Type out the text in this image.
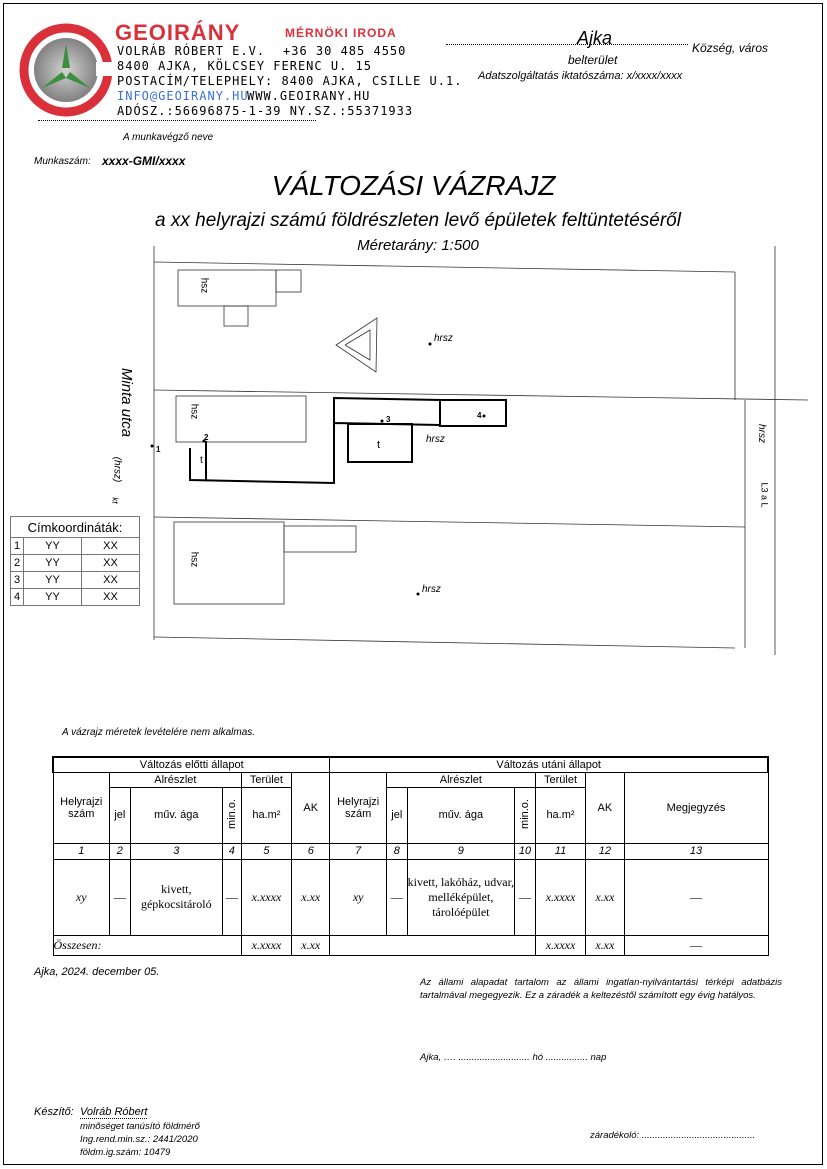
GEOIRÁNY	MÉRNÖKI IRODA
VOLRÁB RÓBERT E.V. +36 30 485 4550
8400 AJKA, KÖLCSEY FERENC U. 15
POSTACÍM/TELEPHELY: 8400 AJKA, CSILLE U.1.
INFO@GEOIRANY.HU
WWW.GEOIRANY.HU
ADÓSZ.:56696875-1-39 NY.SZ.:55371933
A munkavégző neve
Ajka	Község, város
belterület
Adatszolgáltatás iktatószáma: x/xxxx/xxxx
Munkaszám: xxxx-GMI/xxxx
VÁLTOZÁSI VÁZRAJZ
a xx helyrajzi számú földrészleten levő épületek feltüntetéséről
Méretarány: 1:500
hsz
hsz
hsz
hrsz
hrsz
hrsz
hrsz
L3 a L
Minta utca
(hrsz)
kt
t
t
1
2
3	4
Címkoordináták:		
1	YY	XX
2	YY	XX
3	YY	XX
4	YY	XX
A vázrajz méretek levételére nem alkalmas.
Változás előtti állapot						Változás utáni állapot						
Helyrajzi szám	Alrészlet			Terület	AK	Helyrajzi szám	Alrészlet			Terület	AK	Megjegyzés
	jel	műv. ága	min.o.	ha.m²			jel	műv. ága	min.o.	ha.m²		
1	2	3	4	5	6	7	8	9	10	11	12	13
xy	—	kivett, gépkocsitároló	—	x.xxxx	x.xx	xy	—	kivett, lakóház, udvar, melléképület, tárolóépület	—	x.xxxx	x.xx	—
Összesen:				x.xxxx	x.xx					x.xxxx	x.xx	—
Ajka, 2024. december 05.
Az állami alapadat tartalom az állami ingatlan-nyilvántartási térképi adatbázis tartalmával megegyezik. Ez a záradék a keltezéstől számított egy évig hatályos.
Ajka, …. ........................... hó ................ nap
Készítő: Volráb Róbert
minőséget tanúsító földmérő
Ing.rend.min.sz.: 2441/2020
földm.ig.szám: 10479
záradékoló: ...........................................
